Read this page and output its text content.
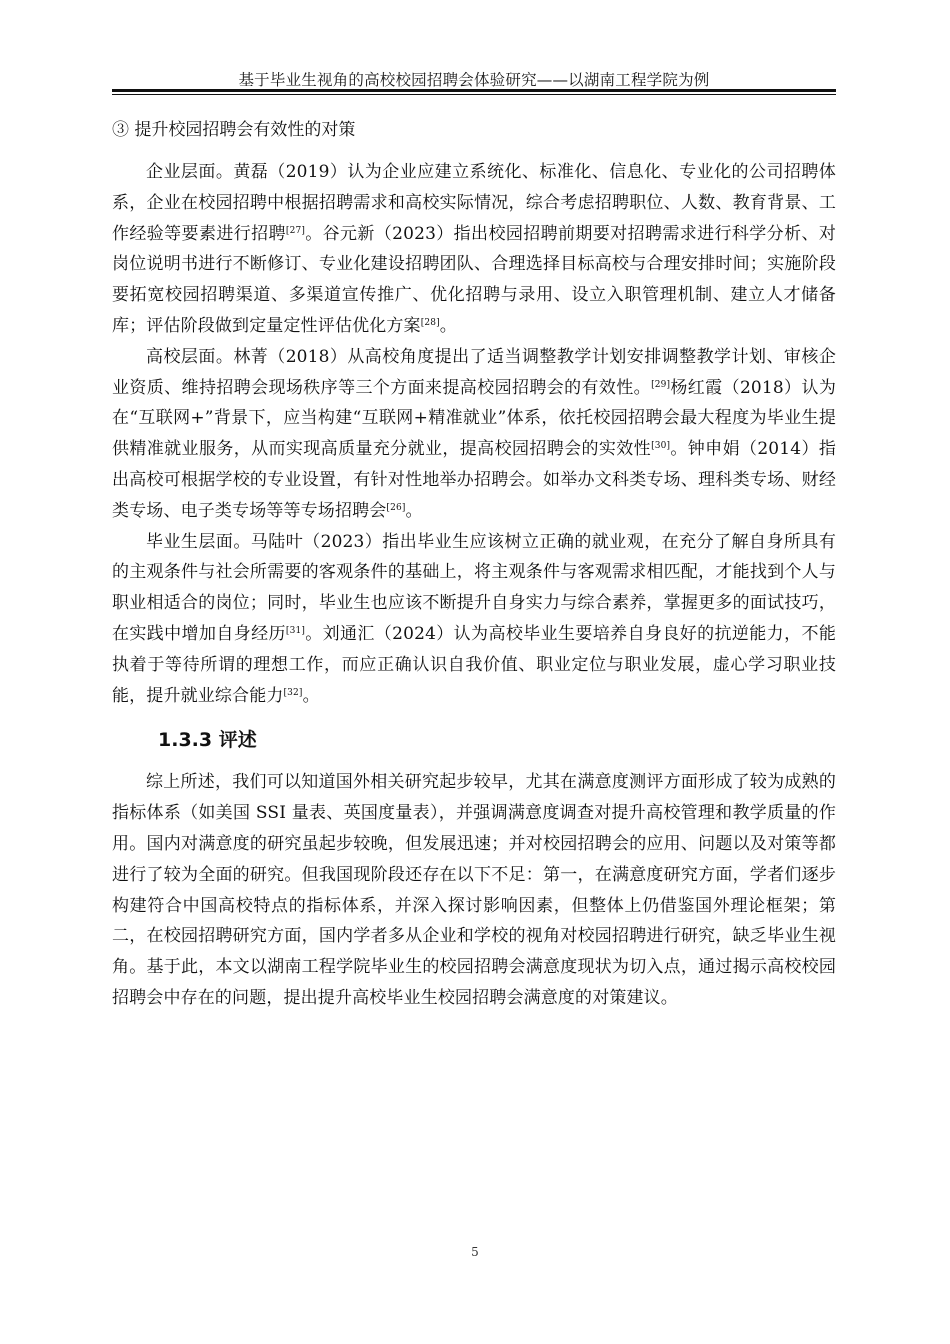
基于毕业生视角的高校校园招聘会体验研究——以湖南工程学院为例
③ 提升校园招聘会有效性的对策

企业层面。黄磊（2019）认为企业应建立系统化、标准化、信息化、专业化的公司招聘体系，企业在校园招聘中根据招聘需求和高校实际情况，综合考虑招聘职位、人数、教育背景、工作经验等要素进行招聘[27]。谷元新（2023）指出校园招聘前期要对招聘需求进行科学分析、对岗位说明书进行不断修订、专业化建设招聘团队、合理选择目标高校与合理安排时间；实施阶段要拓宽校园招聘渠道、多渠道宣传推广、优化招聘与录用、设立入职管理机制、建立人才储备库；评估阶段做到定量定性评估优化方案[28]。

高校层面。林菁（2018）从高校角度提出了适当调整教学计划安排调整教学计划、审核企业资质、维持招聘会现场秩序等三个方面来提高校园招聘会的有效性。[29]杨红霞（2018）认为在“互联网+”背景下，应当构建“互联网+精准就业”体系，依托校园招聘会最大程度为毕业生提供精准就业服务，从而实现高质量充分就业，提高校园招聘会的实效性[30]。钟申娟（2014）指出高校可根据学校的专业设置，有针对性地举办招聘会。如举办文科类专场、理科类专场、财经类专场、电子类专场等等专场招聘会[26]。

毕业生层面。马陆叶（2023）指出毕业生应该树立正确的就业观，在充分了解自身所具有的主观条件与社会所需要的客观条件的基础上，将主观条件与客观需求相匹配，才能找到个人与职业相适合的岗位；同时，毕业生也应该不断提升自身实力与综合素养，掌握更多的面试技巧，在实践中增加自身经历[31]。刘通汇（2024）认为高校毕业生要培养自身良好的抗逆能力，不能执着于等待所谓的理想工作，而应正确认识自我价值、职业定位与职业发展，虚心学习职业技能，提升就业综合能力[32]。

1.3.3 评述

综上所述，我们可以知道国外相关研究起步较早，尤其在满意度测评方面形成了较为成熟的指标体系（如美国 SSI 量表、英国度量表），并强调满意度调查对提升高校管理和教学质量的作用。国内对满意度的研究虽起步较晚，但发展迅速；并对校园招聘会的应用、问题以及对策等都进行了较为全面的研究。但我国现阶段还存在以下不足：第一，在满意度研究方面，学者们逐步构建符合中国高校特点的指标体系，并深入探讨影响因素，但整体上仍借鉴国外理论框架；第二，在校园招聘研究方面，国内学者多从企业和学校的视角对校园招聘进行研究，缺乏毕业生视角。基于此，本文以湖南工程学院毕业生的校园招聘会满意度现状为切入点，通过揭示高校校园招聘会中存在的问题，提出提升高校毕业生校园招聘会满意度的对策建议。

5
